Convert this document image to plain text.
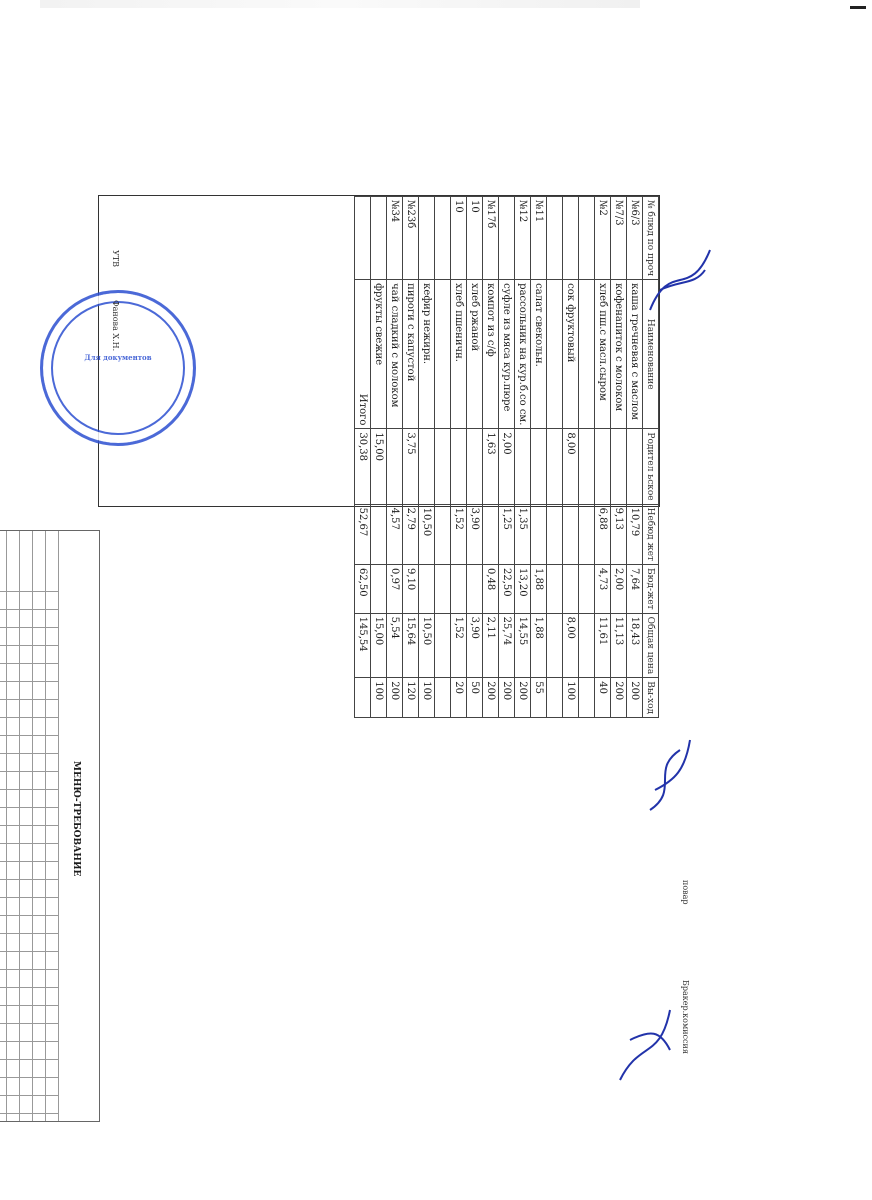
№ блюд по проч	Наименование	Родител ьское	Небюд жет	Бюд-жет	Общая цена	Вы-ход
№6/3	каша гречневая с маслом		10,79	7,64	18,43	200
№7/3	кофенапиток с молоком		9,13	2,00	11,13	200
№2	хлеб пш.с масл.сыром		6,88	4,73	11,61	40

	сок фруктовый	8,00			8,00	100

№11	салат свекольн.			1,88	1,88	55
№12	рассольник на кур.б.со см.		1,35	13,20	14,55	200
	суфле из мяса кур.пюре	2,00	1,25	22,50	25,74	200
№17б	компот из с/ф	1,63		0,48	2,11	200
10	хлеб ржаной		3,90		3,90	50
10	хлеб пшеничн.		1,52		1,52	20

	кефир нежирн.		10,50		10,50	100
№23б	пироги с капустой	3,75	2,79	9,10	15,64	120
№34	чай сладкий с молоком		4,57	0,97	5,54	200
	фрукты свежие	15,00			15,00	100
	Итого	30,38	52,67	62,50	145,54	
Для документов
УТВ
Фанова Х.Н.
повар
Бракер.комиссия
МЕНЮ-ТРЕБОВАНИЕ
